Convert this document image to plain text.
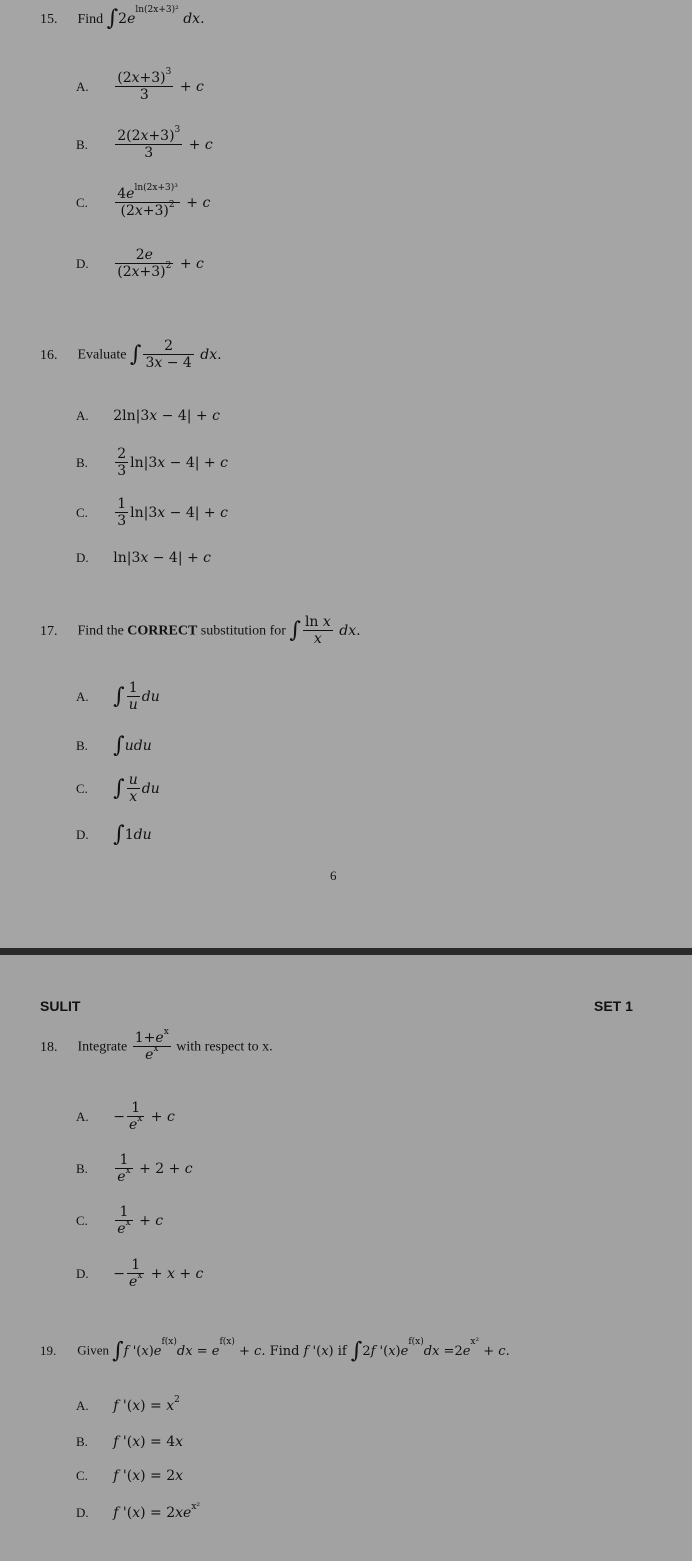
15. Find $\int 2e^{ln(2x+3)^2}$ dx.
A. $\frac{(2x+3)^3}{3} + c$
B. $\frac{2(2x+3)^3}{3} + c$
C. $\frac{4e^{ln(2x+3)^3}}{(2x+3)^2} + c$
D. $\frac{2e}{(2x+3)^2} + c$
16. Evaluate ∫ $\frac{2}{3x - 4}$ dx.
A. 2ln|3x − 4| + c
B. $\frac{2}{3} \ln|3x - 4| + c$
C. $\frac{1}{3} \ln|3x - 4| + c$
D. ln|3x − 4| + c
17. Find the CORRECT substitution for ∫ $\frac{\text{ln x}}{x}$ dx.
A. ∫ $\frac{1}{u}$ du
B. ∫udu
C. ∫ $\frac{u}{x}$ du
D. ∫1du
6
SULIT	SET 1
18. Integrate $\frac{1+e^x}{e^x}$ with respect to x.
A. − $\frac{1}{e^x} + c$
B. $\frac{1}{e^x} + 2 + c$
C. $\frac{1}{e^x} + c$
D. − $\frac{1}{e^x} + x + c$
19. Given ∫f '$(x)e^{f(x)}dx = e^{f(x)} + c$. Find f '(x) if ∫2f '$(x)e^{f(x)}dx =2e^{x^2} + c$.
A. f '$(x) = x^2$
B. f '(x) = 4x
C. f '(x) = 2x
D. f '$(x) = 2xe^{x^2}$
